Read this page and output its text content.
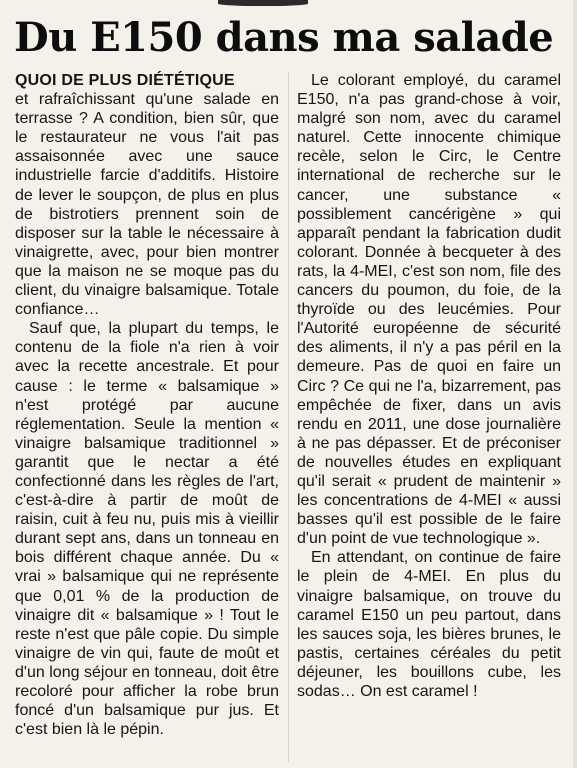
Du E150 dans ma salade

QUOI DE PLUS DIÉTÉTIQUE
et rafraîchissant qu'une salade en terrasse ? A condition, bien sûr, que le restaurateur ne vous l'ait pas assaisonnée avec une sauce industrielle farcie d'additifs. Histoire de lever le soupçon, de plus en plus de bistrotiers prennent soin de disposer sur la table le nécessaire à vinaigrette, avec, pour bien montrer que la maison ne se moque pas du client, du vinaigre balsamique. Totale confiance…

Sauf que, la plupart du temps, le contenu de la fiole n'a rien à voir avec la recette ancestrale. Et pour cause : le terme « balsamique » n'est protégé par aucune réglementation. Seule la mention « vinaigre balsamique traditionnel » garantit que le nectar a été confectionné dans les règles de l'art, c'est-à-dire à partir de moût de raisin, cuit à feu nu, puis mis à vieillir durant sept ans, dans un tonneau en bois différent chaque année. Du « vrai » balsamique qui ne représente que 0,01 % de la production de vinaigre dit « balsamique » ! Tout le reste n'est que pâle copie. Du simple vinaigre de vin qui, faute de moût et d'un long séjour en tonneau, doit être recoloré pour afficher la robe brun foncé d'un balsamique pur jus. Et c'est bien là le pépin.

Le colorant employé, du caramel E150, n'a pas grand-chose à voir, malgré son nom, avec du caramel naturel. Cette innocente chimique recèle, selon le Circ, le Centre international de recherche sur le cancer, une substance « possiblement cancérigène » qui apparaît pendant la fabrication dudit colorant. Donnée à becqueter à des rats, la 4-MEI, c'est son nom, file des cancers du poumon, du foie, de la thyroïde ou des leucémies. Pour l'Autorité européenne de sécurité des aliments, il n'y a pas péril en la demeure. Pas de quoi en faire un Circ ? Ce qui ne l'a, bizarrement, pas empêchée de fixer, dans un avis rendu en 2011, une dose journalière à ne pas dépasser. Et de préconiser de nouvelles études en expliquant qu'il serait « prudent de maintenir » les concentrations de 4-MEI « aussi basses qu'il est possible de le faire d'un point de vue technologique ».

En attendant, on continue de faire le plein de 4-MEI. En plus du vinaigre balsamique, on trouve du caramel E150 un peu partout, dans les sauces soja, les bières brunes, le pastis, certaines céréales du petit déjeuner, les bouillons cube, les sodas… On est caramel !
